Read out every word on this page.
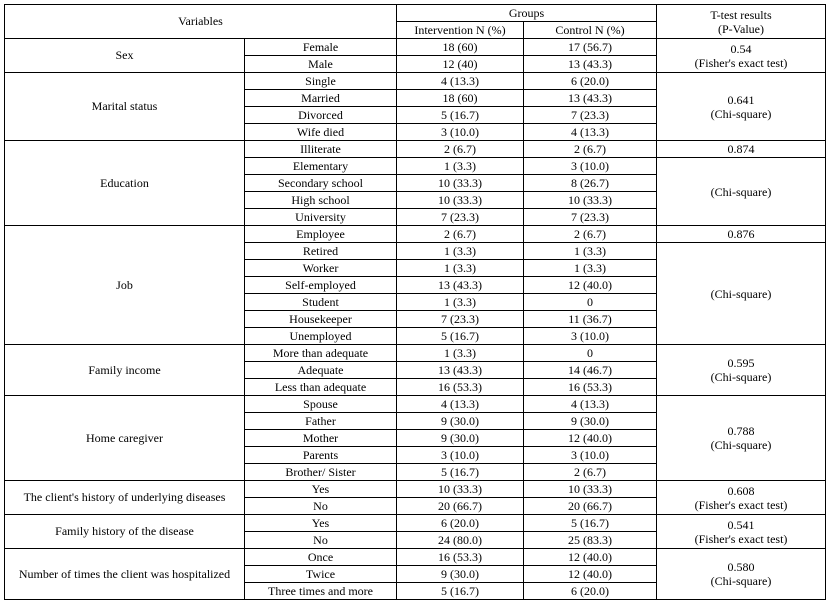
Variables		Groups		T-test results
(P-Value)

		Intervention N (%)	Control N (%)	
Sex	Female	18 (60)	17 (56.7)	0.54
(Fisher's exact test)

	Male	12 (40)	13 (43.3)	
Marital status	Single	4 (13.3)	6 (20.0)	0.641
(Chi-square)

	Married	18 (60)	13 (43.3)	
	Divorced	5 (16.7)	7 (23.3)	
	Wife died	3 (10.0)	4 (13.3)	
Education	Illiterate	2 (6.7)	2 (6.7)	0.874

	Elementary	1 (3.3)	3 (10.0)	(Chi-square)

	Secondary school	10 (33.3)	8 (26.7)	
	High school	10 (33.3)	10 (33.3)	
	University	7 (23.3)	7 (23.3)	
Job	Employee	2 (6.7)	2 (6.7)	0.876

	Retired	1 (3.3)	1 (3.3)	(Chi-square)

	Worker	1 (3.3)	1 (3.3)	
	Self-employed	13 (43.3)	12 (40.0)	
	Student	1 (3.3)	0	
	Housekeeper	7 (23.3)	11 (36.7)	
	Unemployed	5 (16.7)	3 (10.0)	
Family income	More than adequate	1 (3.3)	0	0.595
(Chi-square)

	Adequate	13 (43.3)	14 (46.7)	
	Less than adequate	16 (53.3)	16 (53.3)	
Home caregiver	Spouse	4 (13.3)	4 (13.3)	0.788
(Chi-square)

	Father	9 (30.0)	9 (30.0)	
	Mother	9 (30.0)	12 (40.0)	
	Parents	3 (10.0)	3 (10.0)	
	Brother/ Sister	5 (16.7)	2 (6.7)	
The client's history of underlying diseases	Yes	10 (33.3)	10 (33.3)	0.608
(Fisher's exact test)

	No	20 (66.7)	20 (66.7)	
Family history of the disease	Yes	6 (20.0)	5 (16.7)	0.541
(Fisher's exact test)

	No	24 (80.0)	25 (83.3)	
Number of times the client was hospitalized	Once	16 (53.3)	12 (40.0)	0.580
(Chi-square)

	Twice	9 (30.0)	12 (40.0)	
	Three times and more	5 (16.7)	6 (20.0)	
